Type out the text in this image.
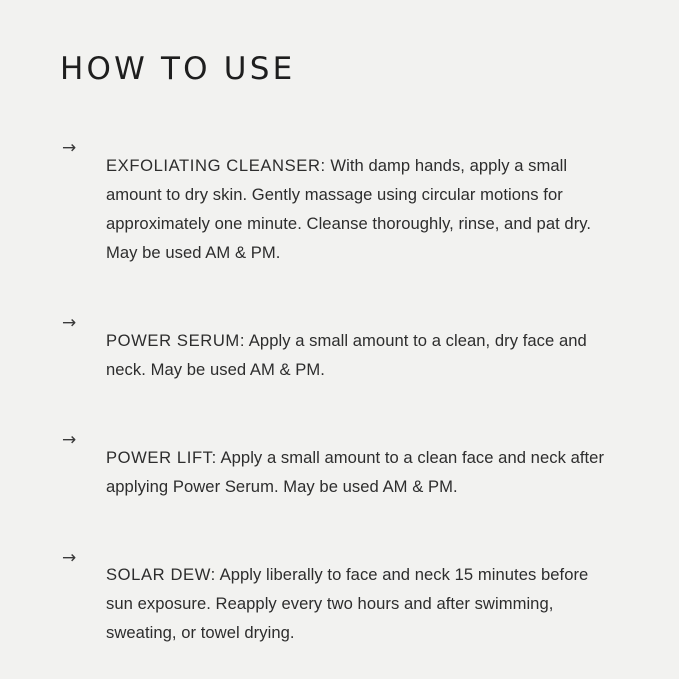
HOW TO USE
→

EXFOLIATING CLEANSER: With damp hands, apply a small amount to dry skin. Gently massage using circular motions for approximately one minute. Cleanse thoroughly, rinse, and pat dry. May be used AM & PM.

→

POWER SERUM: Apply a small amount to a clean, dry face and neck. May be used AM & PM.

→

POWER LIFT: Apply a small amount to a clean face and neck after applying Power Serum. May be used AM & PM.

→

SOLAR DEW: Apply liberally to face and neck 15 minutes before sun exposure. Reapply every two hours and after swimming, sweating, or towel drying.
